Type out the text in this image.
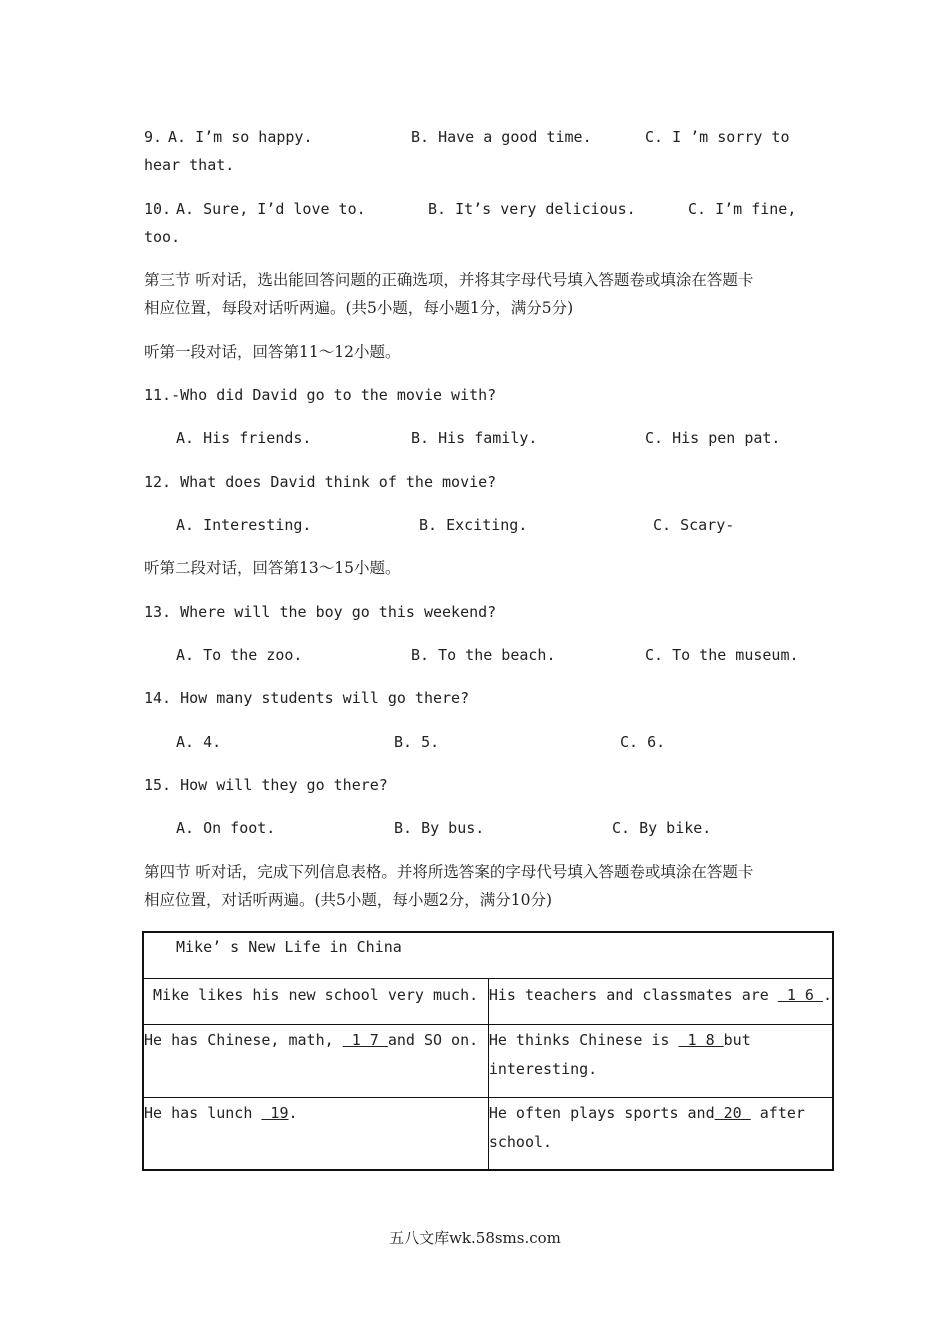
9. A. I’m so happy.	B. Have a good time.	C. I ’m sorry to
hear that.
10. A. Sure, I’d love to.	B. It’s very delicious.	C. I’m fine,
too.
第三节 听对话，选出能回答问题的正确选项，并将其字母代号填入答题卷或填涂在答题卡
相应位置，每段对话听两遍。(共5小题，每小题1分，满分5分)
听第一段对话，回答第11～12小题。
11.-Who did David go to the movie with?
A. His friends.	B. His family.	C. His pen pat.
12. What does David think of the movie?
A. Interesting.	B. Exciting.	C. Scary-
听第二段对话，回答第13～15小题。
13. Where will the boy go this weekend?
A. To the zoo.	B. To the beach.	C. To the museum.
14. How many students will go there?
A. 4.	B. 5.	C. 6.
15. How will they go there?
A. On foot.	B. By bus.	C. By bike.
第四节 听对话，完成下列信息表格。并将所选答案的字母代号填入答题卷或填涂在答题卡
相应位置，对话听两遍。(共5小题，每小题2分，满分10分)
Mike’ s New Life in China	
Mike likes his new school very much.	His teachers and classmates are  1 6 .
He has Chinese, math,  1 7 and SO on.	He thinks Chinese is  1 8 but
interesting.
He has lunch  19.	He often plays sports and 20  after
school.
五八文库wk.58sms.com
